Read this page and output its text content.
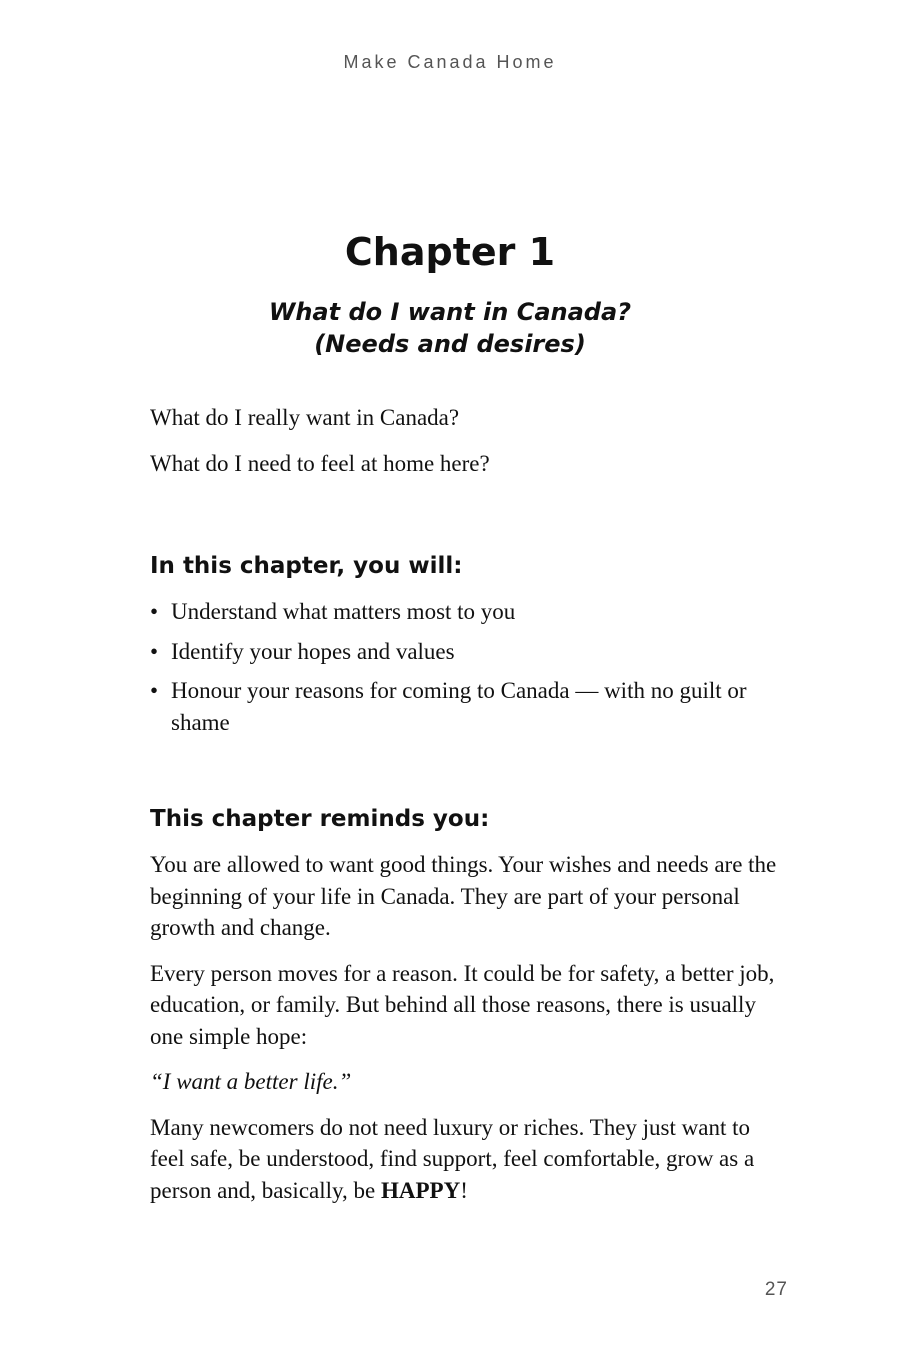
Make Canada Home
Chapter 1
What do I want in Canada?
(Needs and desires)

What do I really want in Canada?

What do I need to feel at home here?

In this chapter, you will:
• Understand what matters most to you
• Identify your hopes and values
• Honour your reasons for coming to Canada — with no guilt or shame
This chapter reminds you:

You are allowed to want good things. Your wishes and needs are the beginning of your life in Canada. They are part of your personal growth and change.

Every person moves for a reason. It could be for safety, a better job, education, or family. But behind all those reasons, there is usually one simple hope:

“I want a better life.”

Many newcomers do not need luxury or riches. They just want to feel safe, be understood, find support, feel comfortable, grow as a person and, basically, be HAPPY!

27
